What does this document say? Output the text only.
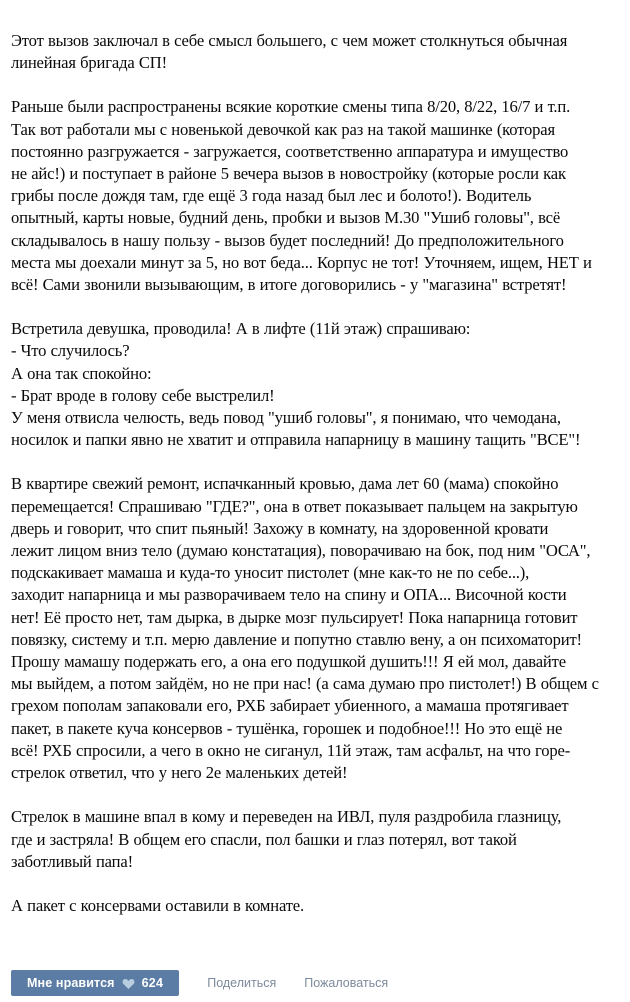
Этот вызов заключал в себе смысл большего, с чем может столкнуться обычная
линейная бригада СП!

Раньше были распространены всякие короткие смены типа 8/20, 8/22, 16/7 и т.п.
Так вот работали мы с новенькой девочкой как раз на такой машинке (которая
постоянно разгружается - загружается, соответственно аппаратура и имущество
не айс!) и поступает в районе 5 вечера вызов в новостройку (которые росли как
грибы после дождя там, где ещё 3 года назад был лес и болото!). Водитель
опытный, карты новые, будний день, пробки и вызов М.30 "Ушиб головы", всё
складывалось в нашу пользу - вызов будет последний! До предположительного
места мы доехали минут за 5, но вот беда... Корпус не тот! Уточняем, ищем, НЕТ и
всё! Сами звонили вызывающим, в итоге договорились - у "магазина" встретят!

Встретила девушка, проводила! А в лифте (11й этаж) спрашиваю:
- Что случилось?
А она так спокойно:
- Брат вроде в голову себе выстрелил!
У меня отвисла челюсть, ведь повод "ушиб головы", я понимаю, что чемодана,
носилок и папки явно не хватит и отправила напарницу в машину тащить "ВСЕ"!

В квартире свежий ремонт, испачканный кровью, дама лет 60 (мама) спокойно
перемещается! Спрашиваю "ГДЕ?", она в ответ показывает пальцем на закрытую
дверь и говорит, что спит пьяный! Захожу в комнату, на здоровенной кровати
лежит лицом вниз тело (думаю констатация), поворачиваю на бок, под ним "ОСА",
подскакивает мамаша и куда-то уносит пистолет (мне как-то не по себе...),
заходит напарница и мы разворачиваем тело на спину и ОПА... Височной кости
нет! Её просто нет, там дырка, в дырке мозг пульсирует! Пока напарница готовит
повязку, систему и т.п. мерю давление и попутно ставлю вену, а он психоматорит!
Прошу мамашу подержать его, а она его подушкой душить!!! Я ей мол, давайте
мы выйдем, а потом зайдём, но не при нас! (а сама думаю про пистолет!) В общем с
грехом пополам запаковали его, РХБ забирает убиенного, а мамаша протягивает
пакет, в пакете куча консервов - тушёнка, горошек и подобное!!! Но это ещё не
всё! РХБ спросили, а чего в окно не сиганул, 11й этаж, там асфальт, на что горе-
стрелок ответил, что у него 2е маленьких детей!

Стрелок в машине впал в кому и переведен на ИВЛ, пуля раздробила глазницу,
где и застряла! В общем его спасли, пол башки и глаз потерял, вот такой
заботливый папа!

А пакет с консервами оставили в комнате.

Мне нравится 624	Поделиться Пожаловаться
